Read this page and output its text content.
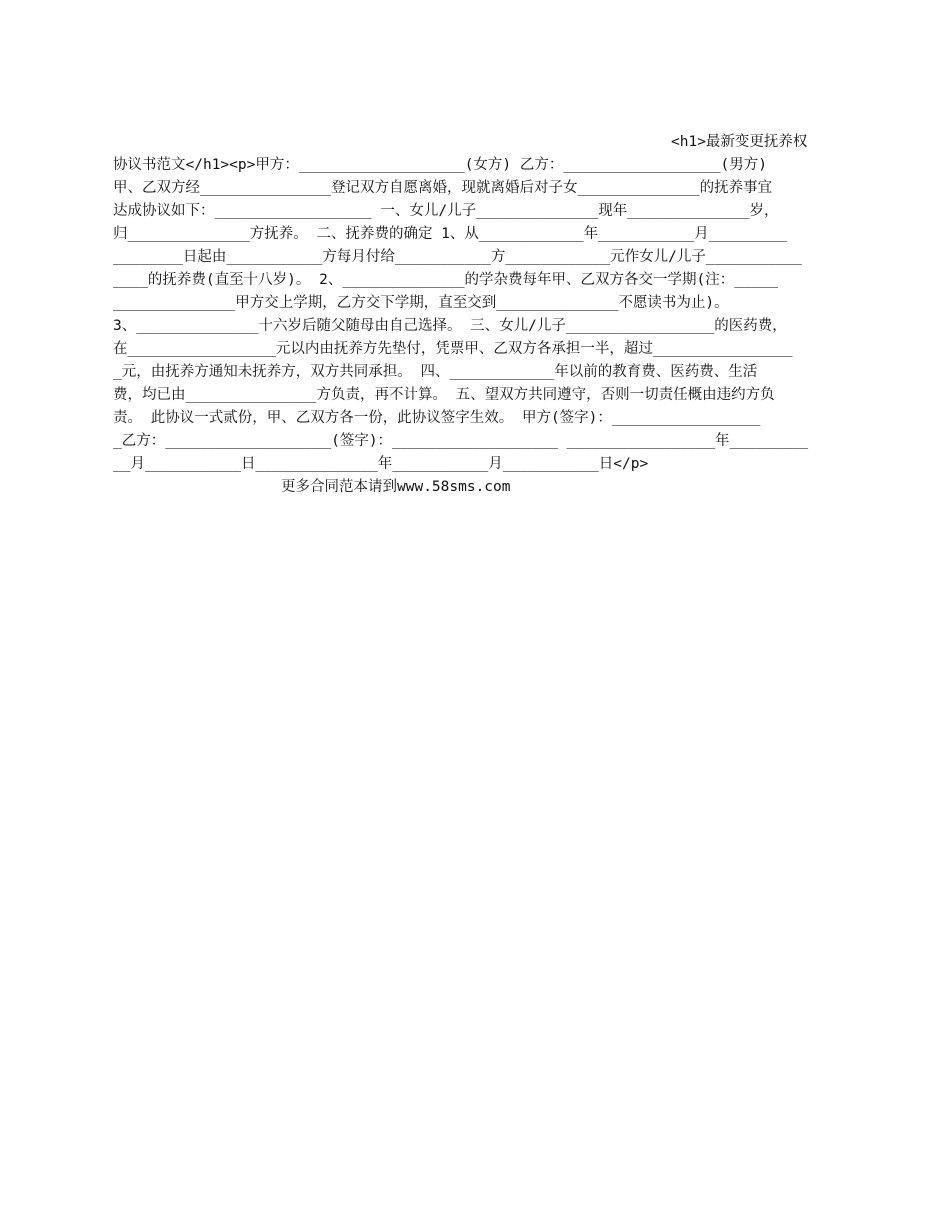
<h1>最新变更抚养权
协议书范文</h1><p>甲方：___________________(女方) 乙方：__________________(男方)
甲、乙双方经_______________登记双方自愿离婚，现就离婚后对子女______________的抚养事宜
达成协议如下：__________________ 一、女儿/儿子______________现年______________岁，
归______________方抚养。 二、抚养费的确定 1、从____________年___________月_________
________日起由___________方每月付给___________方____________元作女儿/儿子___________
____的抚养费(直至十八岁)。 2、______________的学杂费每年甲、乙双方各交一学期(注：_____
______________甲方交上学期，乙方交下学期，直至交到______________不愿读书为止)。
3、______________十六岁后随父随母由自己选择。 三、女儿/儿子_________________的医药费，
在_________________元以内由抚养方先垫付，凭票甲、乙双方各承担一半，超过________________
_元，由抚养方通知未抚养方，双方共同承担。 四、____________年以前的教育费、医药费、生活
费，均已由_______________方负责，再不计算。 五、望双方共同遵守，否则一切责任概由违约方负
责。 此协议一式贰份，甲、乙双方各一份，此协议签字生效。 甲方(签字)：_________________
_乙方：___________________(签字)：___________________ _________________年_________
__月___________日______________年___________月___________日</p>
更多合同范本请到www.58sms.com
